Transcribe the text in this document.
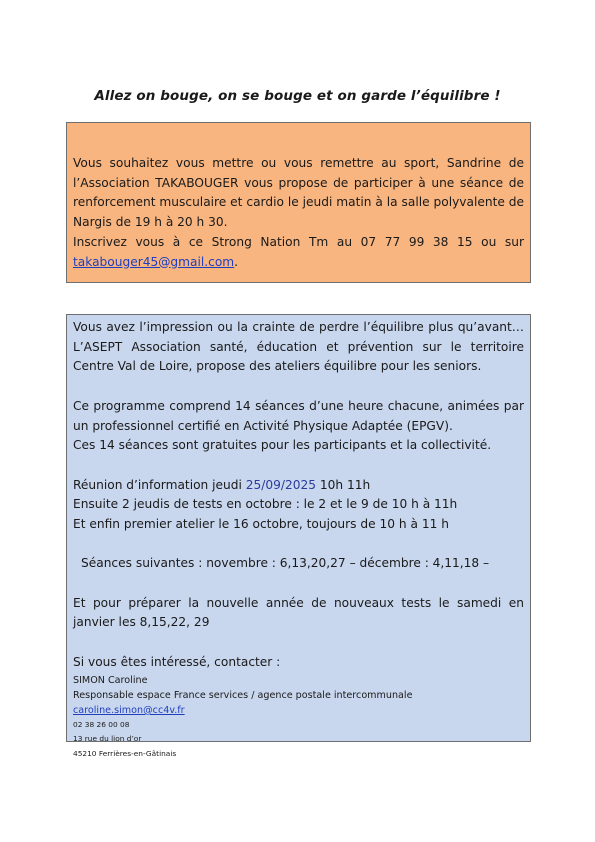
Allez on bouge, on se bouge et on garde l’équilibre !

Vous souhaitez vous mettre ou vous remettre au sport, Sandrine de l’Association TAKABOUGER vous propose de participer à une séance de renforcement musculaire et cardio le jeudi matin à la salle polyvalente de Nargis de 19 h à 20 h 30.

Inscrivez vous à ce Strong Nation Tm au 07 77 99 38 15 ou sur takabouger45@gmail.com.

Vous avez l’impression ou la crainte de perdre l’équilibre plus qu’avant… L’ASEPT Association santé, éducation et prévention sur le territoire Centre Val de Loire, propose des ateliers équilibre pour les seniors.

Ce programme comprend 14 séances d’une heure chacune, animées par un professionnel certifié en Activité Physique Adaptée (EPGV).

Ces 14 séances sont gratuites pour les participants et la collectivité.

Réunion d’information jeudi 25/09/2025 10h 11h

Ensuite 2 jeudis de tests en octobre : le 2 et le 9 de 10 h à 11h

Et enfin premier atelier le 16 octobre, toujours de 10 h à 11 h

Séances suivantes : novembre : 6,13,20,27 – décembre : 4,11,18 –

Et pour préparer la nouvelle année de nouveaux tests le samedi en janvier les 8,15,22, 29

Si vous êtes intéressé, contacter :

SIMON Caroline

Responsable espace France services / agence postale intercommunale

caroline.simon@cc4v.fr

02 38 26 00 08

13 rue du lion d’or

45210 Ferrières-en-Gâtinais
